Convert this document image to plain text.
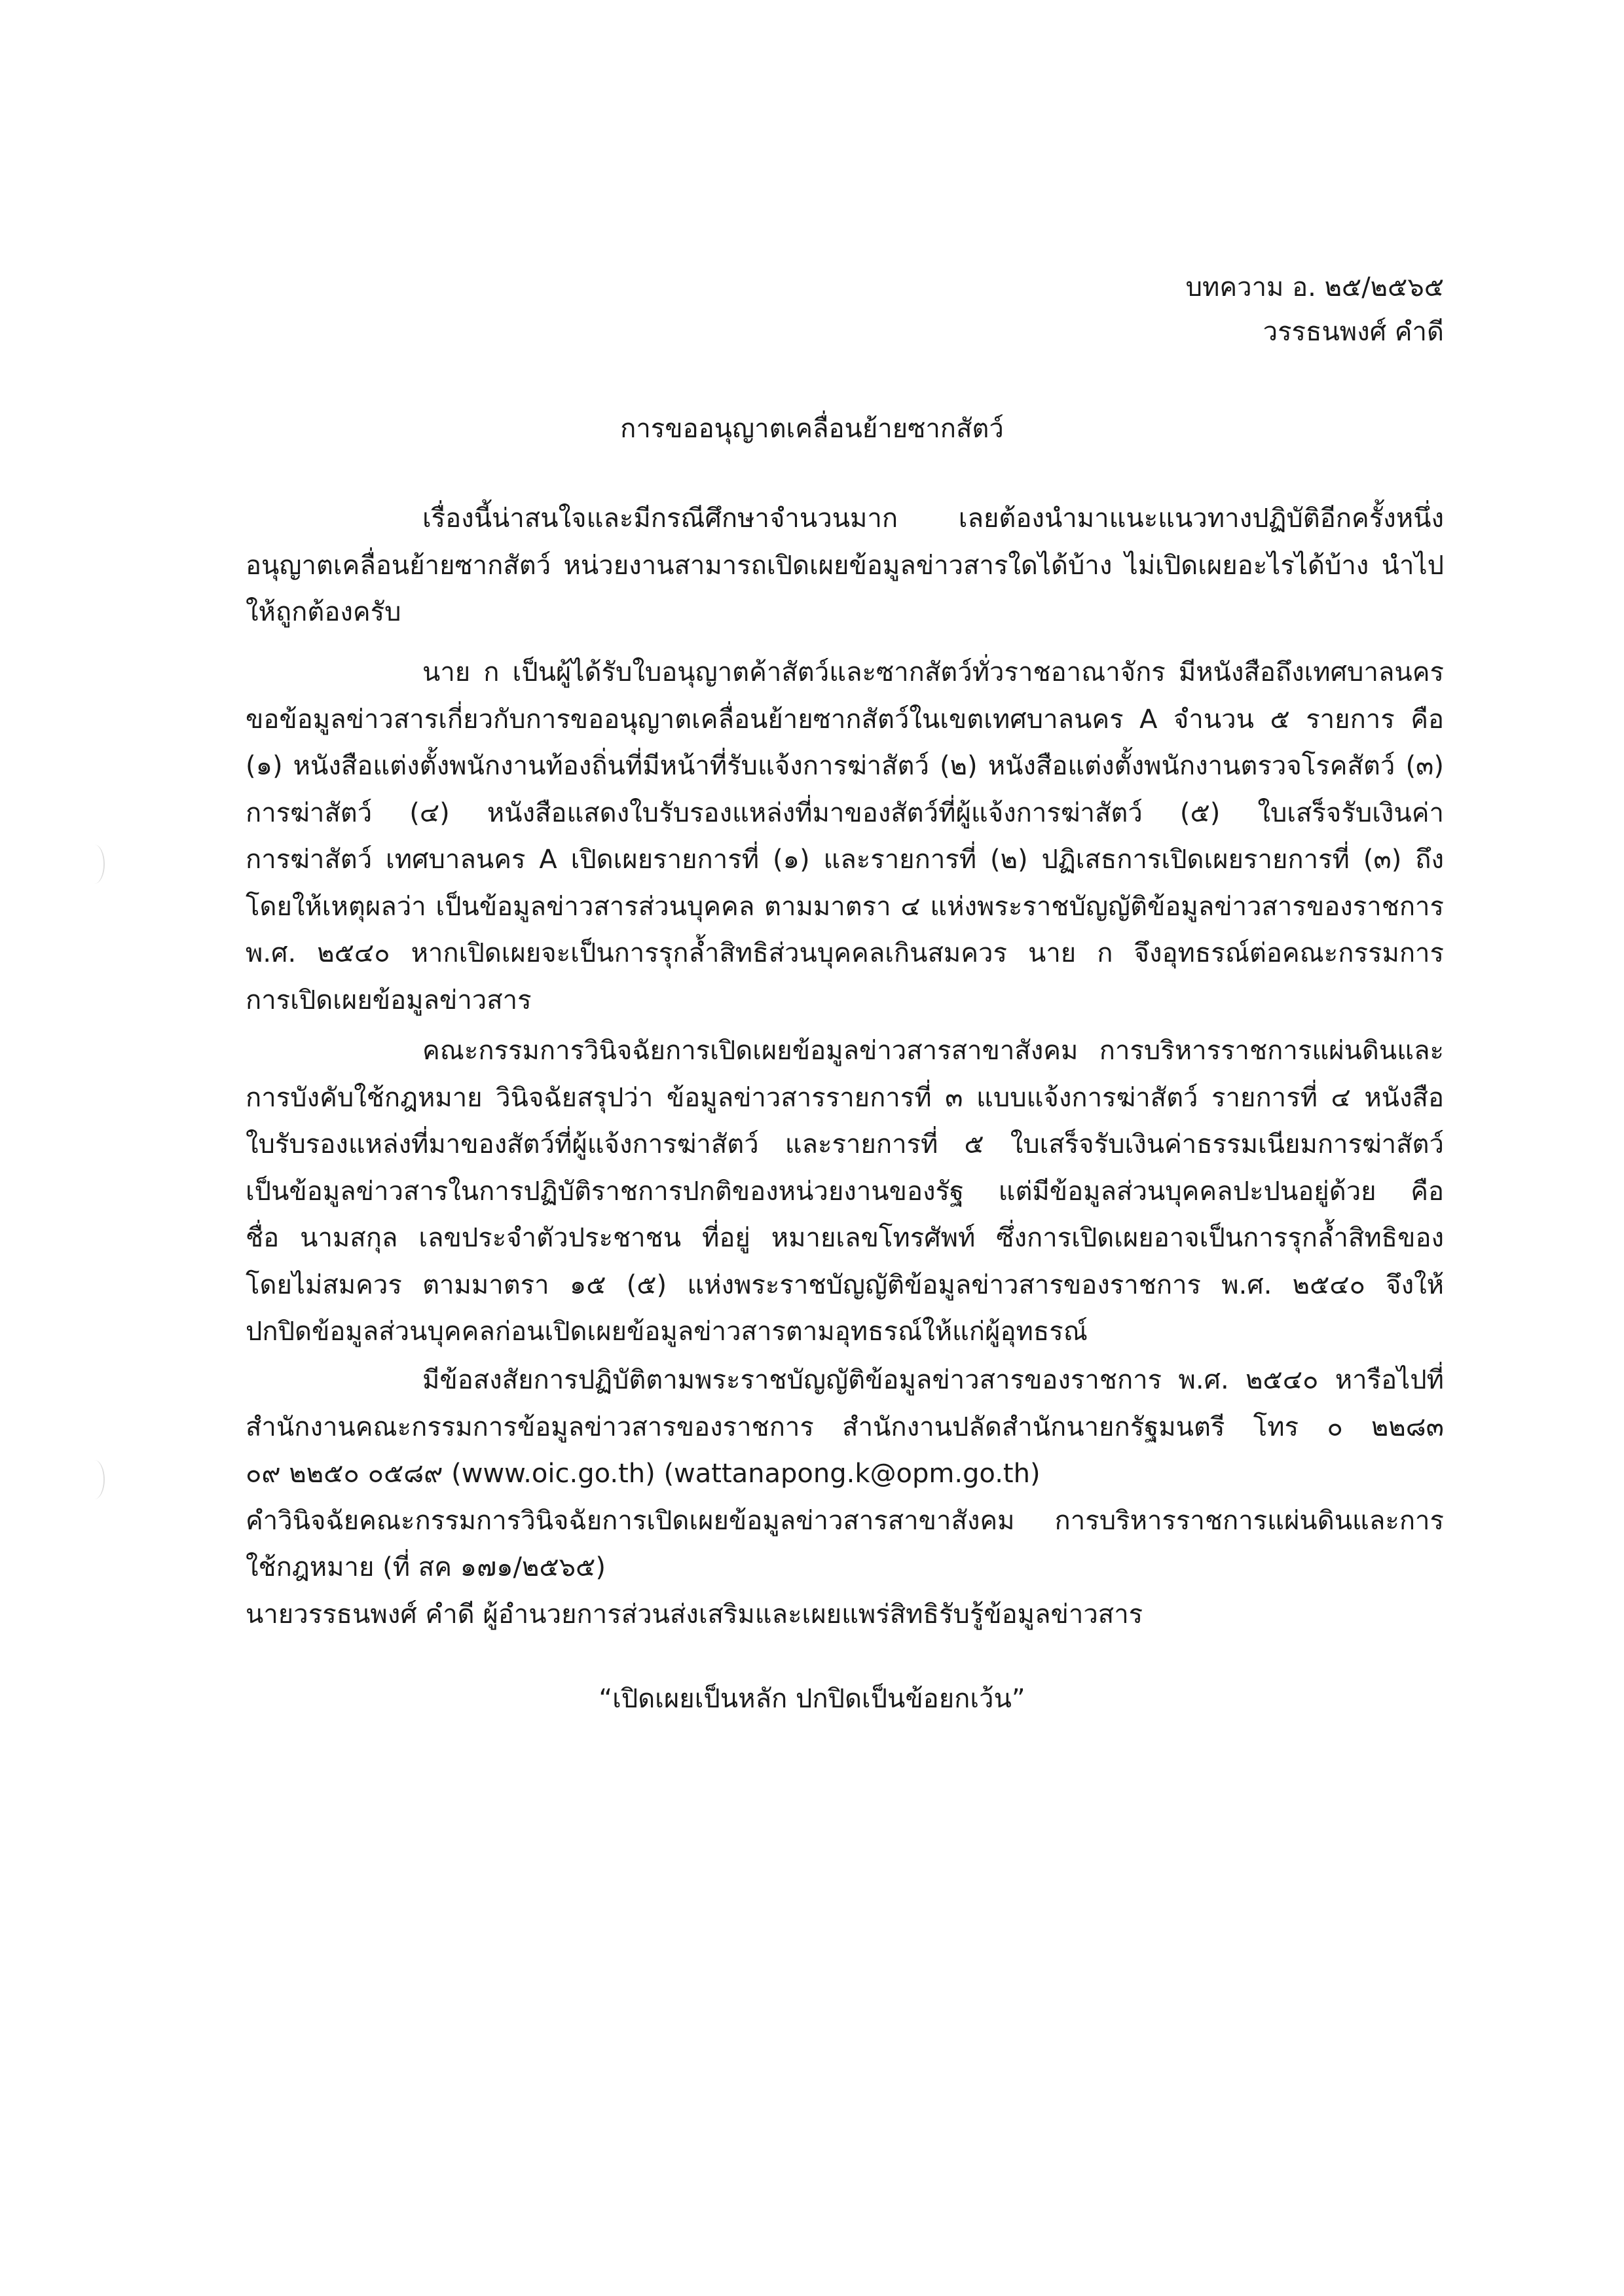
บทความ อ. ๒๕/๒๕๖๕
วรรธนพงศ์ คำดี
การขออนุญาตเคลื่อนย้ายซากสัตว์
เรื่องนี้น่าสนใจและมีกรณีศึกษาจำนวนมาก เลยต้องนำมาแนะแนวทางปฏิบัติอีกครั้งหนึ่ง
อนุญาตเคลื่อนย้ายซากสัตว์ หน่วยงานสามารถเปิดเผยข้อมูลข่าวสารใดได้บ้าง ไม่เปิดเผยอะไรได้บ้าง นำไป
ให้ถูกต้องครับ
นาย ก เป็นผู้ได้รับใบอนุญาตค้าสัตว์และซากสัตว์ทั่วราชอาณาจักร มีหนังสือถึงเทศบาลนคร
ขอข้อมูลข่าวสารเกี่ยวกับการขออนุญาตเคลื่อนย้ายซากสัตว์ในเขตเทศบาลนคร A จำนวน ๕ รายการ คือ
(๑) หนังสือแต่งตั้งพนักงานท้องถิ่นที่มีหน้าที่รับแจ้งการฆ่าสัตว์ (๒) หนังสือแต่งตั้งพนักงานตรวจโรคสัตว์ (๓)
การฆ่าสัตว์ (๔) หนังสือแสดงใบรับรองแหล่งที่มาของสัตว์ที่ผู้แจ้งการฆ่าสัตว์ (๕) ใบเสร็จรับเงินค่า
การฆ่าสัตว์ เทศบาลนคร A เปิดเผยรายการที่ (๑) และรายการที่ (๒) ปฏิเสธการเปิดเผยรายการที่ (๓) ถึง
โดยให้เหตุผลว่า เป็นข้อมูลข่าวสารส่วนบุคคล ตามมาตรา ๔ แห่งพระราชบัญญัติข้อมูลข่าวสารของราชการ
พ.ศ. ๒๕๔๐ หากเปิดเผยจะเป็นการรุกล้ำสิทธิส่วนบุคคลเกินสมควร นาย ก จึงอุทธรณ์ต่อคณะกรรมการ
การเปิดเผยข้อมูลข่าวสาร
คณะกรรมการวินิจฉัยการเปิดเผยข้อมูลข่าวสารสาขาสังคม การบริหารราชการแผ่นดินและ
การบังคับใช้กฎหมาย วินิจฉัยสรุปว่า ข้อมูลข่าวสารรายการที่ ๓ แบบแจ้งการฆ่าสัตว์ รายการที่ ๔ หนังสือ
ใบรับรองแหล่งที่มาของสัตว์ที่ผู้แจ้งการฆ่าสัตว์ และรายการที่ ๕ ใบเสร็จรับเงินค่าธรรมเนียมการฆ่าสัตว์
เป็นข้อมูลข่าวสารในการปฏิบัติราชการปกติของหน่วยงานของรัฐ แต่มีข้อมูลส่วนบุคคลปะปนอยู่ด้วย คือ
ชื่อ นามสกุล เลขประจำตัวประชาชน ที่อยู่ หมายเลขโทรศัพท์ ซึ่งการเปิดเผยอาจเป็นการรุกล้ำสิทธิของ
โดยไม่สมควร ตามมาตรา ๑๕ (๕) แห่งพระราชบัญญัติข้อมูลข่าวสารของราชการ พ.ศ. ๒๕๔๐ จึงให้
ปกปิดข้อมูลส่วนบุคคลก่อนเปิดเผยข้อมูลข่าวสารตามอุทธรณ์ให้แก่ผู้อุทธรณ์
มีข้อสงสัยการปฏิบัติตามพระราชบัญญัติข้อมูลข่าวสารของราชการ พ.ศ. ๒๕๔๐ หารือไปที่
สำนักงานคณะกรรมการข้อมูลข่าวสารของราชการ สำนักงานปลัดสำนักนายกรัฐมนตรี โทร ๐ ๒๒๘๓
๐๙ ๒๒๕๐ ๐๕๘๙ (www.oic.go.th) (wattanapong.k@opm.go.th)
คำวินิจฉัยคณะกรรมการวินิจฉัยการเปิดเผยข้อมูลข่าวสารสาขาสังคม การบริหารราชการแผ่นดินและการ
ใช้กฎหมาย (ที่ สค ๑๗๑/๒๕๖๕)
นายวรรธนพงศ์ คำดี ผู้อำนวยการส่วนส่งเสริมและเผยแพร่สิทธิรับรู้ข้อมูลข่าวสาร
“เปิดเผยเป็นหลัก ปกปิดเป็นข้อยกเว้น”
